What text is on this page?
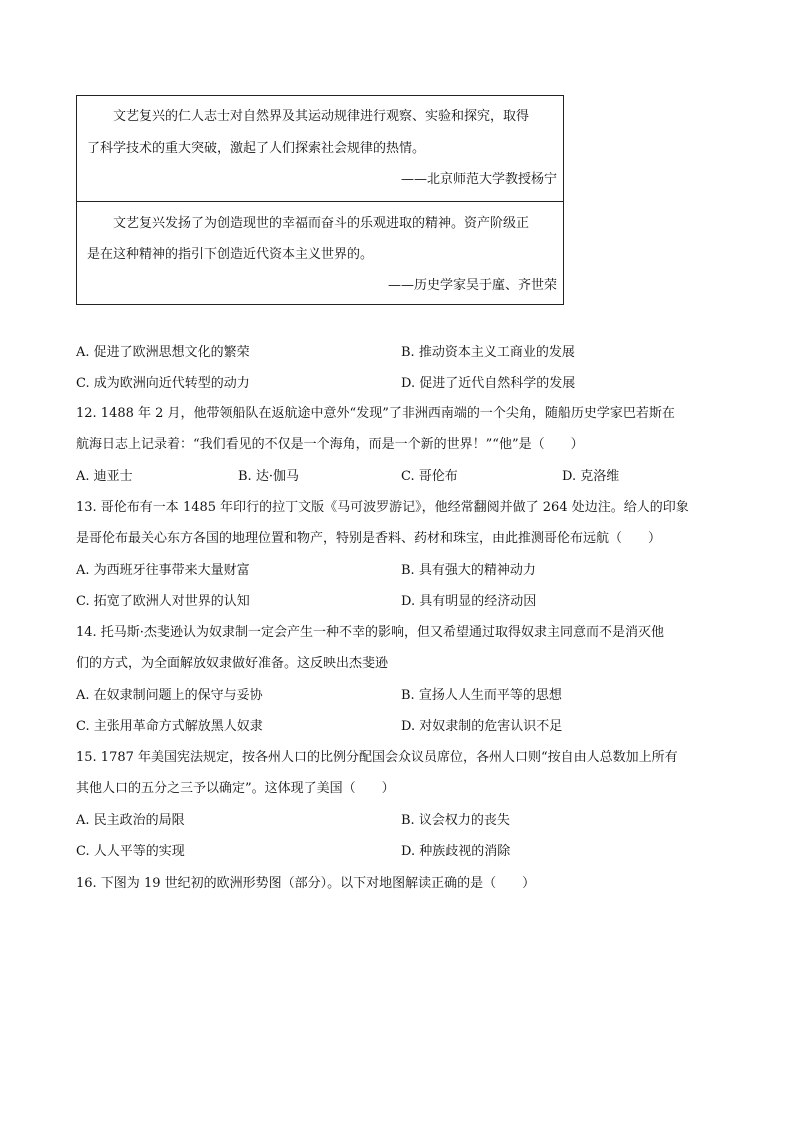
文艺复兴的仁人志士对自然界及其运动规律进行观察、实验和探究，取得
了科学技术的重大突破，激起了人们探索社会规律的热情。
——北京师范大学教授杨宁
文艺复兴发扬了为创造现世的幸福而奋斗的乐观进取的精神。资产阶级正
是在这种精神的指引下创造近代资本主义世界的。
——历史学家吴于廑、齐世荣
A. 促进了欧洲思想文化的繁荣	B. 推动资本主义工商业的发展
C. 成为欧洲向近代转型的动力	D. 促进了近代自然科学的发展
12. 1488 年 2 月，他带领船队在返航途中意外“发现”了非洲西南端的一个尖角，随船历史学家巴若斯在
航海日志上记录着：“我们看见的不仅是一个海角，而是一个新的世界！”“他”是（　　）
A. 迪亚士	B. 达·伽马	C. 哥伦布	D. 克洛维
13. 哥伦布有一本 1485 年印行的拉丁文版《马可波罗游记》，他经常翻阅并做了 264 处边注。给人的印象
是哥伦布最关心东方各国的地理位置和物产，特别是香料、药材和珠宝，由此推测哥伦布远航（　　）
A. 为西班牙往事带来大量财富	B. 具有强大的精神动力
C. 拓宽了欧洲人对世界的认知	D. 具有明显的经济动因
14. 托马斯·杰斐逊认为奴隶制一定会产生一种不幸的影响，但又希望通过取得奴隶主同意而不是消灭他
们的方式，为全面解放奴隶做好准备。这反映出杰斐逊
A. 在奴隶制问题上的保守与妥协	B. 宣扬人人生而平等的思想
C. 主张用革命方式解放黑人奴隶	D. 对奴隶制的危害认识不足
15. 1787 年美国宪法规定，按各州人口的比例分配国会众议员席位，各州人口则“按自由人总数加上所有
其他人口的五分之三予以确定”。这体现了美国（　　）
A. 民主政治的局限	B. 议会权力的丧失
C. 人人平等的实现	D. 种族歧视的消除
16. 下图为 19 世纪初的欧洲形势图（部分）。以下对地图解读正确的是（　　）
